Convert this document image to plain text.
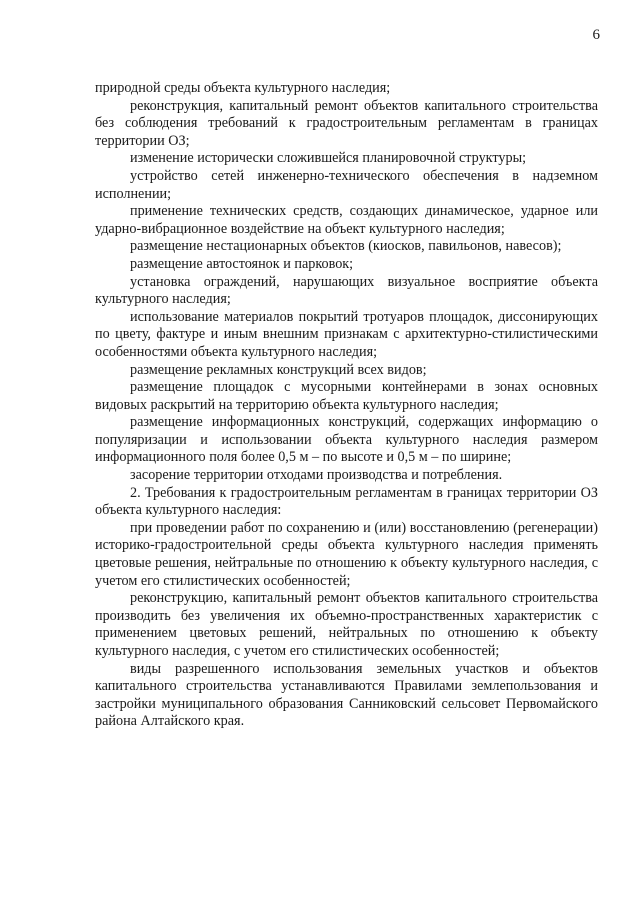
6

природной среды объекта культурного наследия;

реконструкция, капитальный ремонт объектов капитального строительства без соблюдения требований к градостроительным регламентам в границах территории ОЗ;

изменение исторически сложившейся планировочной структуры;

устройство сетей инженерно-технического обеспечения в надземном исполнении;

применение технических средств, создающих динамическое, ударное или ударно-вибрационное воздействие на объект культурного наследия;

размещение нестационарных объектов (киосков, павильонов, навесов);

размещение автостоянок и парковок;

установка ограждений, нарушающих визуальное восприятие объекта культурного наследия;

использование материалов покрытий тротуаров площадок, диссонирующих по цвету, фактуре и иным внешним признакам с архитектурно-стилистическими особенностями объекта культурного наследия;

размещение рекламных конструкций всех видов;

размещение площадок с мусорными контейнерами в зонах основных видовых раскрытий на территорию объекта культурного наследия;

размещение информационных конструкций, содержащих информацию о популяризации и использовании объекта культурного наследия размером информационного поля более 0,5 м – по высоте и 0,5 м – по ширине;

засорение территории отходами производства и потребления.

2. Требования к градостроительным регламентам в границах территории ОЗ объекта культурного наследия:

при проведении работ по сохранению и (или) восстановлению (регенерации) историко-градостроительной среды объекта культурного наследия применять цветовые решения, нейтральные по отношению к объекту культурного наследия, с учетом его стилистических особенностей;

реконструкцию, капитальный ремонт объектов капитального строительства производить без увеличения их объемно-пространственных характеристик с применением цветовых решений, нейтральных по отношению к объекту культурного наследия, с учетом его стилистических особенностей;

виды разрешенного использования земельных участков и объектов капитального строительства устанавливаются Правилами землепользования и застройки муниципального образования Санниковский сельсовет Первомайского района Алтайского края.
